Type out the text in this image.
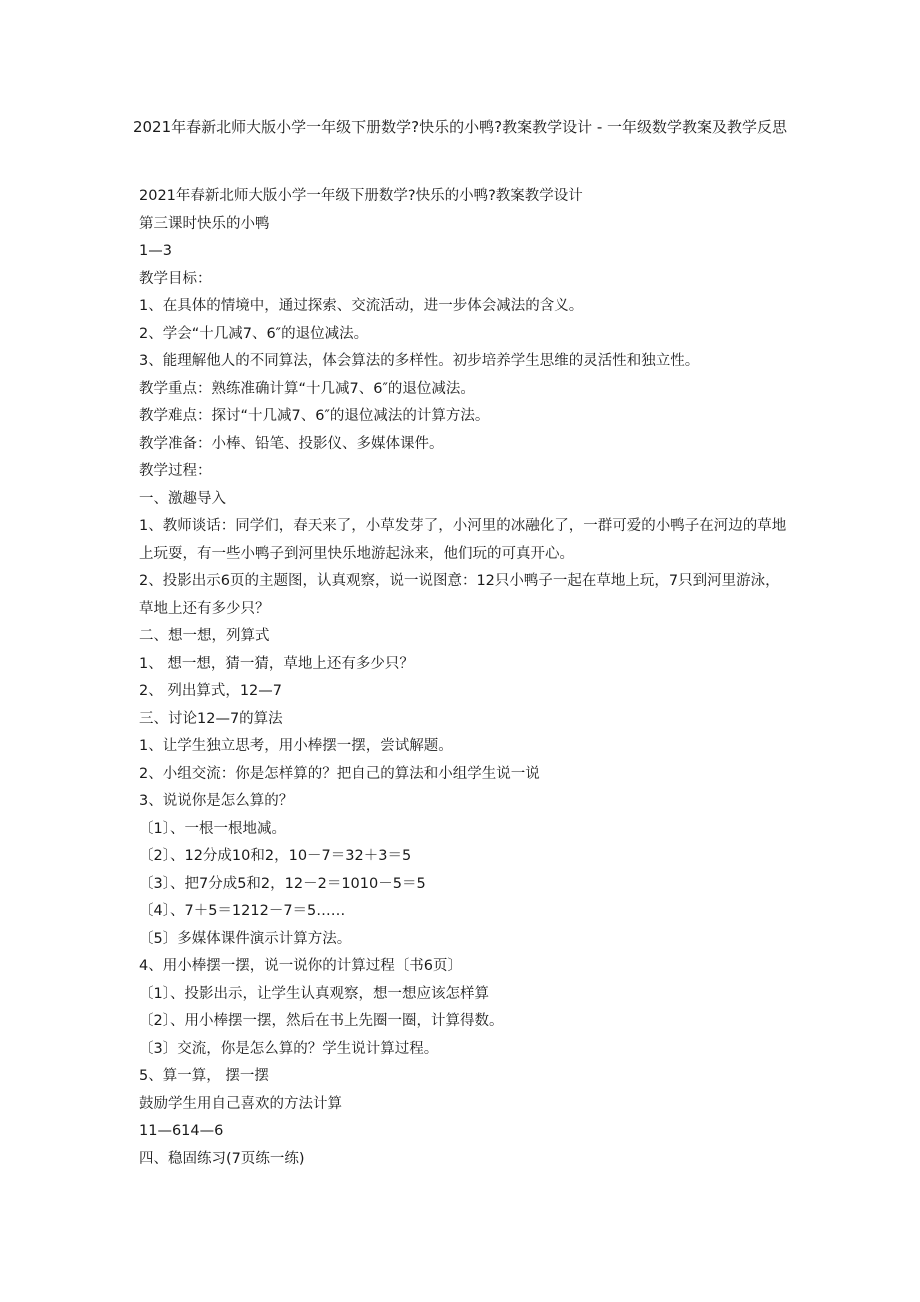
2021年春新北师大版小学一年级下册数学?快乐的小鸭?教案教学设计 - 一年级数学教案及教学反思
2021年春新北师大版小学一年级下册数学?快乐的小鸭?教案教学设计
第三课时快乐的小鸭
1—3
教学目标：
1、在具体的情境中，通过探索、交流活动，进一步体会减法的含义。
2、学会“十几减7、6″的退位减法。
3、能理解他人的不同算法，体会算法的多样性。初步培养学生思维的灵活性和独立性。
教学重点：熟练准确计算“十几减7、6″的退位减法。
教学难点：探讨“十几减7、6″的退位减法的计算方法。
教学准备：小棒、铅笔、投影仪、多媒体课件。
教学过程：
一、激趣导入
1、教师谈话：同学们，春天来了，小草发芽了，小河里的冰融化了，一群可爱的小鸭子在河边的草地上玩耍，有一些小鸭子到河里快乐地游起泳来，他们玩的可真开心。
2、投影出示6页的主题图，认真观察，说一说图意：12只小鸭子一起在草地上玩，7只到河里游泳，草地上还有多少只？
二、想一想，列算式
1、 想一想，猜一猜，草地上还有多少只？
2、 列出算式，12—7
三、讨论12—7的算法
1、让学生独立思考，用小棒摆一摆，尝试解题。
2、小组交流：你是怎样算的？把自己的算法和小组学生说一说
3、说说你是怎么算的？
〔1〕、一根一根地减。
〔2〕、12分成10和2，10－7＝32＋3＝5
〔3〕、把7分成5和2，12－2＝1010－5＝5
〔4〕、7＋5＝1212－7＝5……
〔5〕多媒体课件演示计算方法。
4、用小棒摆一摆，说一说你的计算过程〔书6页〕
〔1〕、投影出示，让学生认真观察，想一想应该怎样算
〔2〕、用小棒摆一摆，然后在书上先圈一圈，计算得数。
〔3〕交流，你是怎么算的？学生说计算过程。
5、算一算， 摆一摆
鼓励学生用自己喜欢的方法计算
11—614—6
四、稳固练习(7页练一练)
